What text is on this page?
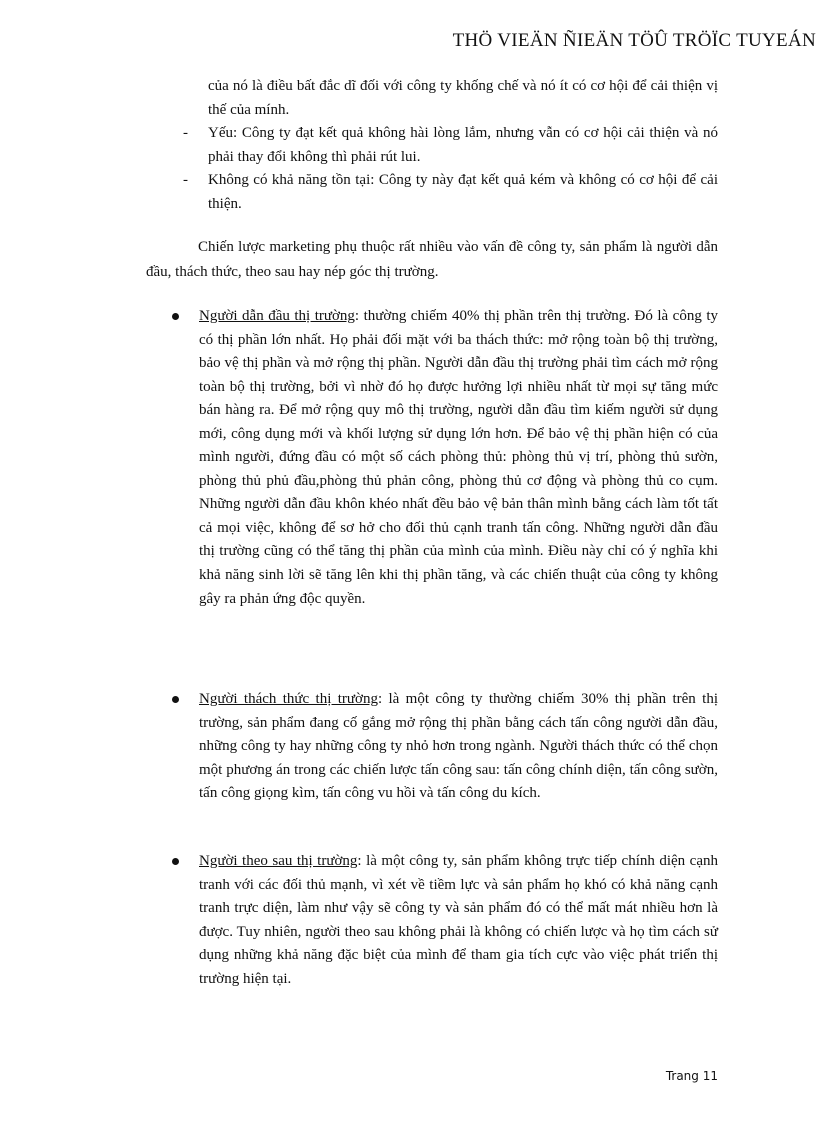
THÖ VIEÄN ÑIEÄN TÖÛ TRÖÏC TUYEÁN
của nó là điều bất đắc dĩ đối với công ty khống chế và nó ít có cơ hội để cải thiện vị thế của mính.
- Yếu: Công ty đạt kết quả không hài lòng lắm, nhưng vẫn có cơ hội cải thiện và nó phải thay đổi không thì phải rút lui.
- Không có khả năng tồn tại: Công ty này đạt kết quả kém và không có cơ hội để cải thiện.
Chiến lược marketing phụ thuộc rất nhiều vào vấn đề công ty, sản phẩm là người dẫn đầu, thách thức, theo sau hay nép góc thị trường.
Người dẫn đầu thị trường: thường chiếm 40% thị phần trên thị trường. Đó là công ty có thị phần lớn nhất. Họ phải đối mặt với ba thách thức: mở rộng toàn bộ thị trường, bảo vệ thị phần và mở rộng thị phần. Người dẫn đầu thị trường phải tìm cách mở rộng toàn bộ thị trường, bởi vì nhờ đó họ được hưởng lợi nhiều nhất từ mọi sự tăng mức bán hàng ra. Để mở rộng quy mô thị trường, người dẫn đầu tìm kiếm người sử dụng mới, công dụng mới và khối lượng sử dụng lớn hơn. Để bảo vệ thị phần hiện có của mình người, đứng đầu có một số cách phòng thủ: phòng thủ vị trí, phòng thủ sườn, phòng thủ phủ đầu,phòng thủ phản công, phòng thủ cơ động và phòng thủ co cụm. Những người dẫn đầu khôn khéo nhất đều bảo vệ bản thân mình bằng cách làm tốt tất cả mọi việc, không để sơ hở cho đối thủ cạnh tranh tấn công. Những người dẫn đầu thị trường cũng có thể tăng thị phần của mình của mình. Điều này chỉ có ý nghĩa khi khả năng sinh lời sẽ tăng lên khi thị phần tăng, và các chiến thuật của công ty không gây ra phản ứng độc quyền.
Người thách thức thị trường: là một công ty thường chiếm 30% thị phần trên thị trường, sản phẩm đang cố gắng mở rộng thị phần bằng cách tấn công người dẫn đầu, những công ty hay những công ty nhỏ hơn trong ngành. Người thách thức có thể chọn một phương án trong các chiến lược tấn công sau: tấn công chính diện, tấn công sườn, tấn công giọng kìm, tấn công vu hồi và tấn công du kích.
Người theo sau thị trường: là một công ty, sản phẩm không trực tiếp chính diện cạnh tranh với các đối thủ mạnh, vì xét về tiềm lực và sản phẩm họ khó có khả năng cạnh tranh trực diện, làm như vậy sẽ công ty và sản phẩm đó có thể mất mát nhiều hơn là được. Tuy nhiên, người theo sau không phải là không có chiến lược và họ tìm cách sử dụng những khả năng đặc biệt của mình để tham gia tích cực vào việc phát triển thị trường hiện tại.
Trang 11
